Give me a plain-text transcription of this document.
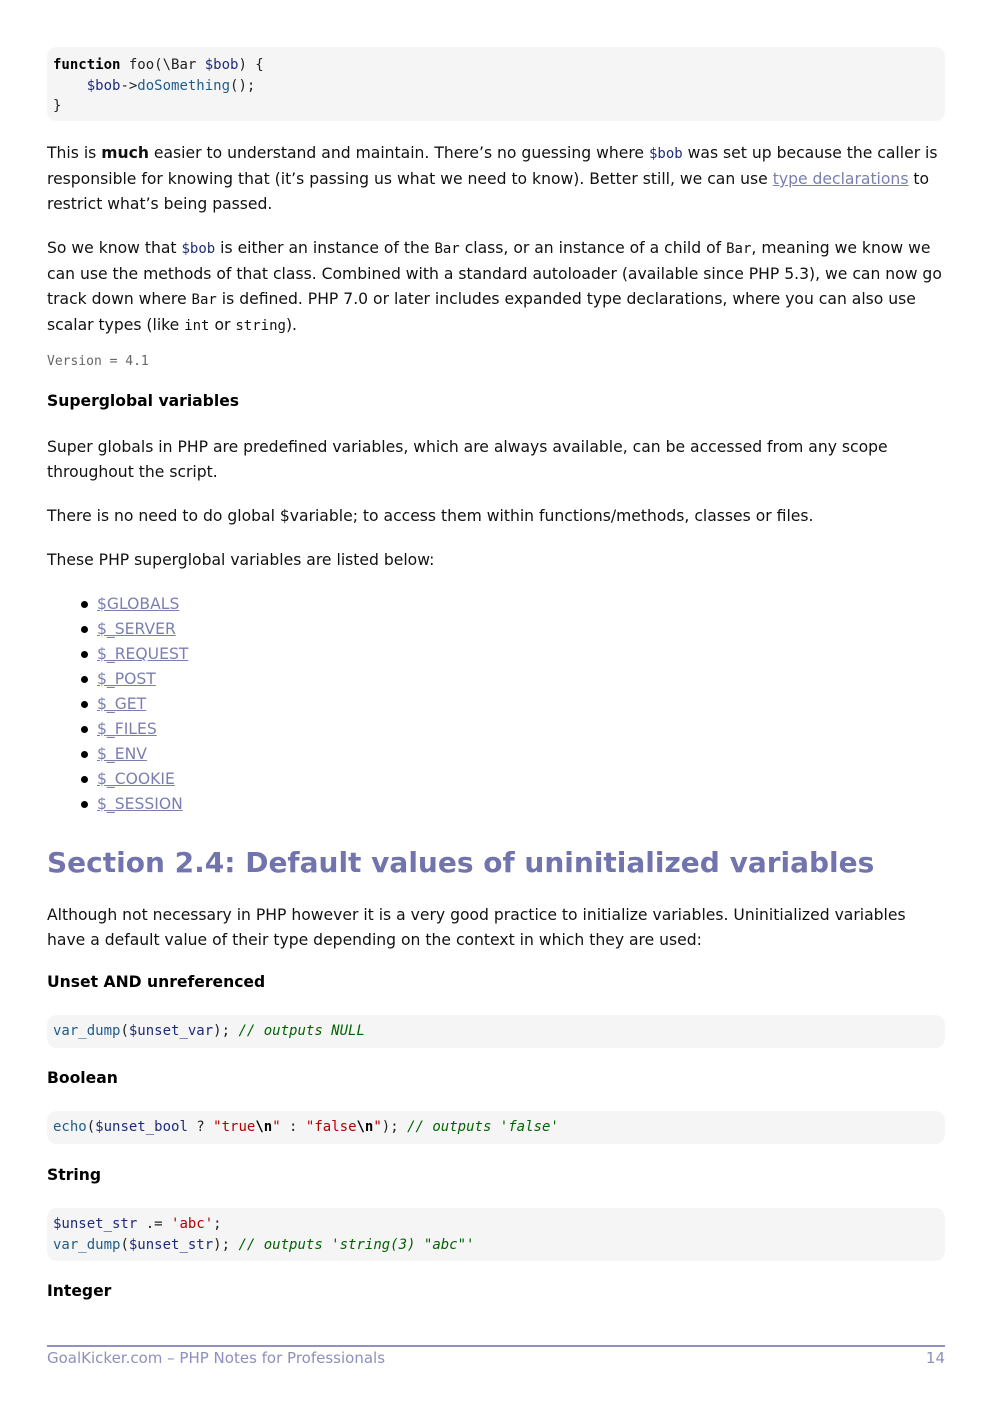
function foo(\Bar $bob) {
$bob->doSomething();
}
This is much easier to understand and maintain. There’s no guessing where $bob was set up because the caller is responsible for knowing that (it’s passing us what we need to know). Better still, we can use type declarations to restrict what’s being passed.
So we know that $bob is either an instance of the Bar class, or an instance of a child of Bar, meaning we know we can use the methods of that class. Combined with a standard autoloader (available since PHP 5.3), we can now go track down where Bar is defined. PHP 7.0 or later includes expanded type declarations, where you can also use scalar types (like int or string).
Version = 4.1
Superglobal variables
Super globals in PHP are predefined variables, which are always available, can be accessed from any scope throughout the script.
There is no need to do global $variable; to access them within functions/methods, classes or files.
These PHP superglobal variables are listed below:
$GLOBALS
$_SERVER
$_REQUEST
$_POST
$_GET
$_FILES
$_ENV
$_COOKIE
$_SESSION
Section 2.4: Default values of uninitialized variables
Although not necessary in PHP however it is a very good practice to initialize variables. Uninitialized variables have a default value of their type depending on the context in which they are used:
Unset AND unreferenced
var_dump($unset_var); // outputs NULL
Boolean
echo($unset_bool ? "true\n" : "false\n"); // outputs 'false'
String
$unset_str .= 'abc';
var_dump($unset_str); // outputs 'string(3) "abc"'
Integer
GoalKicker.com – PHP Notes for Professionals	14
